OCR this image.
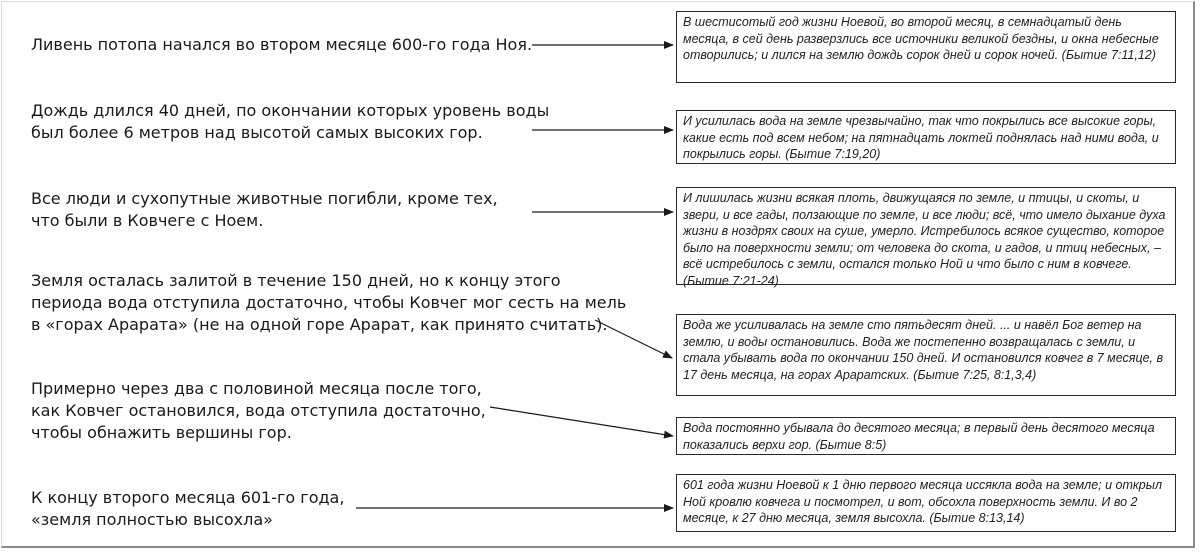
Ливень потопа начался во втором месяце 600-го года Ноя.

Дождь длился 40 дней, по окончании которых уровень воды
был более 6 метров над высотой самых высоких гор.

Все люди и сухопутные животные погибли, кроме тех,
что были в Ковчеге с Ноем.

Земля осталась залитой в течение 150 дней, но к концу этого
периода вода отступила достаточно, чтобы Ковчег мог сесть на мель
в «горах Арарата» (не на одной горе Арарат, как принято считать).

Примерно через два с половиной месяца после того,
как Ковчег остановился, вода отступила достаточно,
чтобы обнажить вершины гор.

К концу второго месяца 601-го года,
«земля полностью высохла»

В шестисотый год жизни Ноевой, во второй месяц, в семнадцатый день месяца, в сей день разверзлись все источники великой бездны, и окна небесные отворились; и лился на землю дождь сорок дней и сорок ночей. (Бытие 7:11,12)
И усилилась вода на земле чрезвычайно, так что покрылись все высокие горы, какие есть под всем небом; на пятнадцать локтей поднялась над ними вода, и покрылись горы. (Бытие 7:19,20)
И лишилась жизни всякая плоть, движущаяся по земле, и птицы, и скоты, и звери, и все гады, ползающие по земле, и все люди; всё, что имело дыхание духа жизни в ноздрях своих на суше, умерло. Истребилось всякое существо, которое было на поверхности земли; от человека до скота, и гадов, и птиц небесных, – всё истребилось с земли, остался только Ной и что было с ним в ковчеге. (Бытие 7:21-24)
Вода же усиливалась на земле сто пятьдесят дней. ... и навёл Бог ветер на землю, и воды остановились. Вода же постепенно возвращалась с земли, и стала убывать вода по окончании 150 дней. И остановился ковчег в 7 месяце, в 17 день месяца, на горах Араратских. (Бытие 7:25, 8:1,3,4)
Вода постоянно убывала до десятого месяца; в первый день десятого месяца показались верхи гор. (Бытие 8:5)
601 года жизни Ноевой к 1 дню первого месяца иссякла вода на земле; и открыл Ной кровлю ковчега и посмотрел, и вот, обсохла поверхность земли. И во 2 месяце, к 27 дню месяца, земля высохла. (Бытие 8:13,14)
